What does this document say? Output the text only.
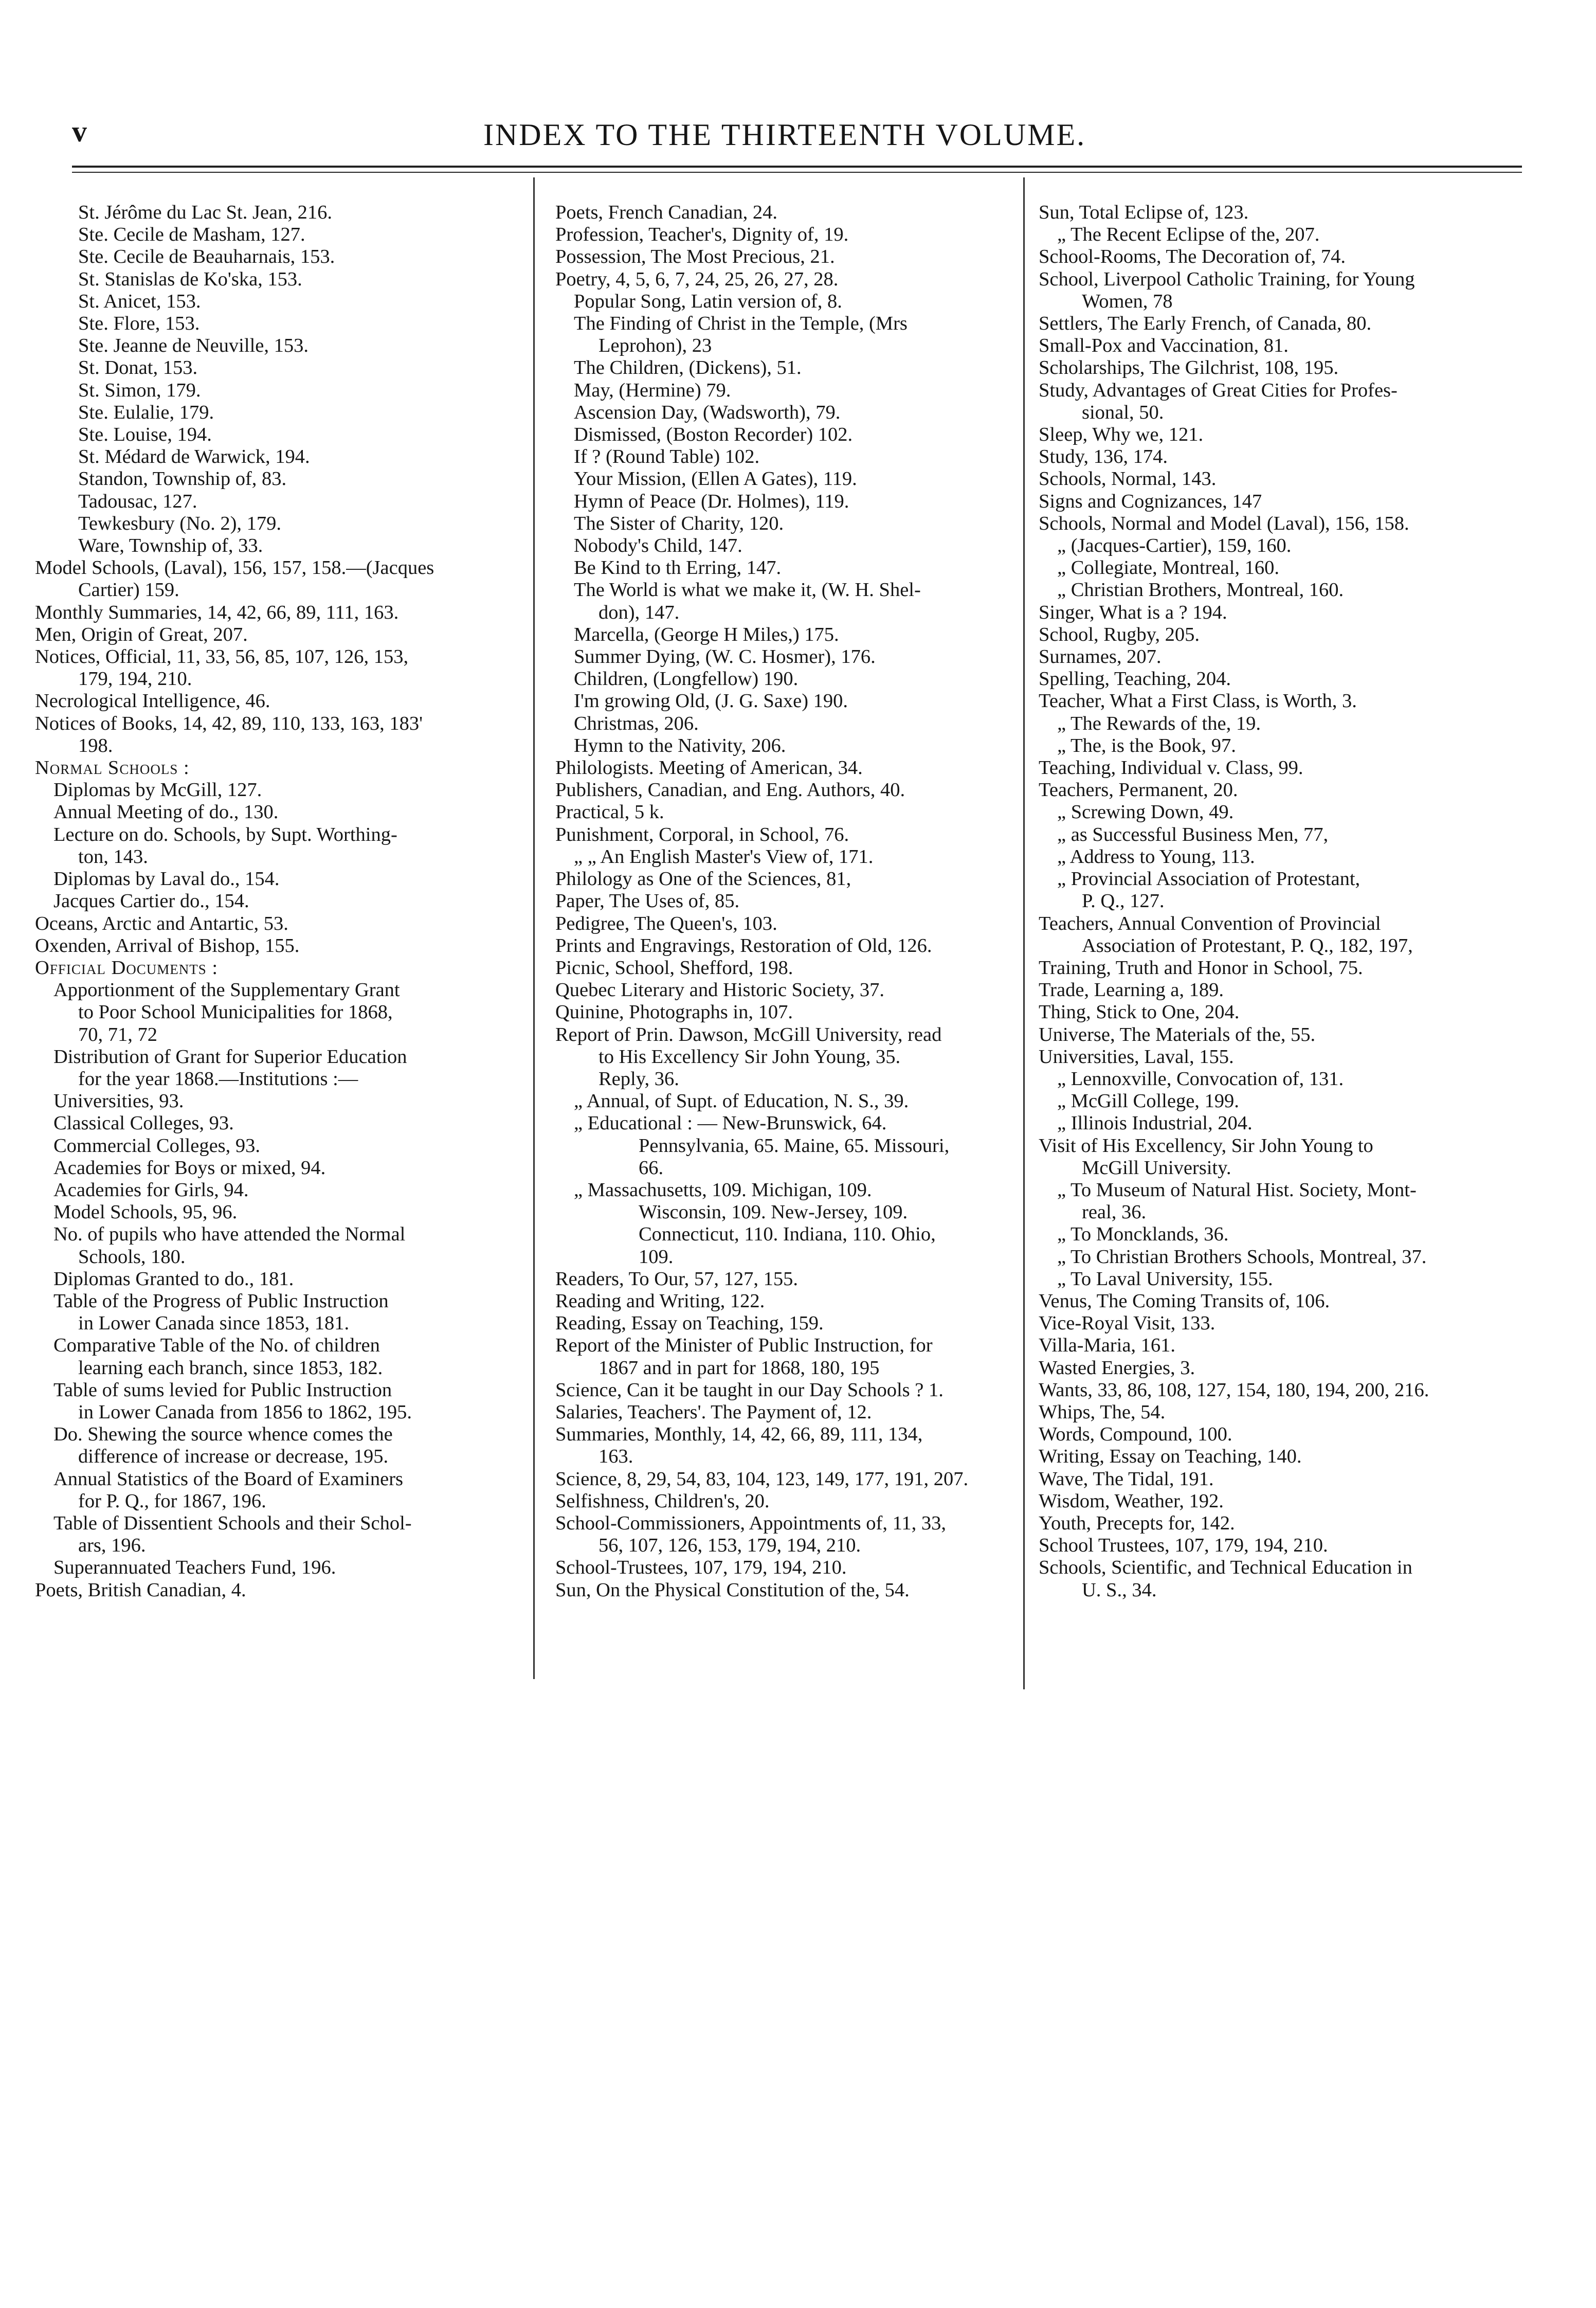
v	INDEX TO THE THIRTEENTH VOLUME.
St. Jérôme du Lac St. Jean, 216.
Ste. Cecile de Masham, 127.
Ste. Cecile de Beauharnais, 153.
St. Stanislas de Ko'ska, 153.
St. Anicet, 153.
Ste. Flore, 153.
Ste. Jeanne de Neuville, 153.
St. Donat, 153.
St. Simon, 179.
Ste. Eulalie, 179.
Ste. Louise, 194.
St. Médard de Warwick, 194.
Standon, Township of, 83.
Tadousac, 127.
Tewkesbury (No. 2), 179.
Ware, Township of, 33.
Model Schools, (Laval), 156, 157, 158.—(Jacques
Cartier) 159.
Monthly Summaries, 14, 42, 66, 89, 111, 163.
Men, Origin of Great, 207.
Notices, Official, 11, 33, 56, 85, 107, 126, 153,
179, 194, 210.
Necrological Intelligence, 46.
Notices of Books, 14, 42, 89, 110, 133, 163, 183'
198.
Normal Schools :
Diplomas by McGill, 127.
Annual Meeting of do., 130.
Lecture on do. Schools, by Supt. Worthing-
ton, 143.
Diplomas by Laval do., 154.
Jacques Cartier do., 154.
Oceans, Arctic and Antartic, 53.
Oxenden, Arrival of Bishop, 155.
Official Documents :
Apportionment of the Supplementary Grant
to Poor School Municipalities for 1868,
70, 71, 72
Distribution of Grant for Superior Education
for the year 1868.—Institutions :—
Universities, 93.
Classical Colleges, 93.
Commercial Colleges, 93.
Academies for Boys or mixed, 94.
Academies for Girls, 94.
Model Schools, 95, 96.
No. of pupils who have attended the Normal
Schools, 180.
Diplomas Granted to do., 181.
Table of the Progress of Public Instruction
in Lower Canada since 1853, 181.
Comparative Table of the No. of children
learning each branch, since 1853, 182.
Table of sums levied for Public Instruction
in Lower Canada from 1856 to 1862, 195.
Do. Shewing the source whence comes the
difference of increase or decrease, 195.
Annual Statistics of the Board of Examiners
for P. Q., for 1867, 196.
Table of Dissentient Schools and their Schol-
ars, 196.
Superannuated Teachers Fund, 196.
Poets, British Canadian, 4.
Poets, French Canadian, 24.
Profession, Teacher's, Dignity of, 19.
Possession, The Most Precious, 21.
Poetry, 4, 5, 6, 7, 24, 25, 26, 27, 28.
Popular Song, Latin version of, 8.
The Finding of Christ in the Temple, (Mrs
Leprohon), 23
The Children, (Dickens), 51.
May, (Hermine) 79.
Ascension Day, (Wadsworth), 79.
Dismissed, (Boston Recorder) 102.
If ? (Round Table) 102.
Your Mission, (Ellen A Gates), 119.
Hymn of Peace (Dr. Holmes), 119.
The Sister of Charity, 120.
Nobody's Child, 147.
Be Kind to th Erring, 147.
The World is what we make it, (W. H. Shel-
don), 147.
Marcella, (George H Miles,) 175.
Summer Dying, (W. C. Hosmer), 176.
Children, (Longfellow) 190.
I'm growing Old, (J. G. Saxe) 190.
Christmas, 206.
Hymn to the Nativity, 206.
Philologists. Meeting of American, 34.
Publishers, Canadian, and Eng. Authors, 40.
Practical, 5 k.
Punishment, Corporal, in School, 76.
„ „ An English Master's View of, 171.
Philology as One of the Sciences, 81,
Paper, The Uses of, 85.
Pedigree, The Queen's, 103.
Prints and Engravings, Restoration of Old, 126.
Picnic, School, Shefford, 198.
Quebec Literary and Historic Society, 37.
Quinine, Photographs in, 107.
Report of Prin. Dawson, McGill University, read
to His Excellency Sir John Young, 35.
Reply, 36.
„ Annual, of Supt. of Education, N. S., 39.
„ Educational : — New-Brunswick, 64.
Pennsylvania, 65. Maine, 65. Missouri,
66.
„ Massachusetts, 109. Michigan, 109.
Wisconsin, 109. New-Jersey, 109.
Connecticut, 110. Indiana, 110. Ohio,
109.
Readers, To Our, 57, 127, 155.
Reading and Writing, 122.
Reading, Essay on Teaching, 159.
Report of the Minister of Public Instruction, for
1867 and in part for 1868, 180, 195
Science, Can it be taught in our Day Schools ? 1.
Salaries, Teachers'. The Payment of, 12.
Summaries, Monthly, 14, 42, 66, 89, 111, 134,
163.
Science, 8, 29, 54, 83, 104, 123, 149, 177, 191, 207.
Selfishness, Children's, 20.
School-Commissioners, Appointments of, 11, 33,
56, 107, 126, 153, 179, 194, 210.
School-Trustees, 107, 179, 194, 210.
Sun, On the Physical Constitution of the, 54.
Sun, Total Eclipse of, 123.
„ The Recent Eclipse of the, 207.
School-Rooms, The Decoration of, 74.
School, Liverpool Catholic Training, for Young
Women, 78
Settlers, The Early French, of Canada, 80.
Small-Pox and Vaccination, 81.
Scholarships, The Gilchrist, 108, 195.
Study, Advantages of Great Cities for Profes-
sional, 50.
Sleep, Why we, 121.
Study, 136, 174.
Schools, Normal, 143.
Signs and Cognizances, 147
Schools, Normal and Model (Laval), 156, 158.
„ (Jacques-Cartier), 159, 160.
„ Collegiate, Montreal, 160.
„ Christian Brothers, Montreal, 160.
Singer, What is a ? 194.
School, Rugby, 205.
Surnames, 207.
Spelling, Teaching, 204.
Teacher, What a First Class, is Worth, 3.
„ The Rewards of the, 19.
„ The, is the Book, 97.
Teaching, Individual v. Class, 99.
Teachers, Permanent, 20.
„ Screwing Down, 49.
„ as Successful Business Men, 77,
„ Address to Young, 113.
„ Provincial Association of Protestant,
P. Q., 127.
Teachers, Annual Convention of Provincial
Association of Protestant, P. Q., 182, 197,
Training, Truth and Honor in School, 75.
Trade, Learning a, 189.
Thing, Stick to One, 204.
Universe, The Materials of the, 55.
Universities, Laval, 155.
„ Lennoxville, Convocation of, 131.
„ McGill College, 199.
„ Illinois Industrial, 204.
Visit of His Excellency, Sir John Young to
McGill University.
„ To Museum of Natural Hist. Society, Mont-
real, 36.
„ To Moncklands, 36.
„ To Christian Brothers Schools, Montreal, 37.
„ To Laval University, 155.
Venus, The Coming Transits of, 106.
Vice-Royal Visit, 133.
Villa-Maria, 161.
Wasted Energies, 3.
Wants, 33, 86, 108, 127, 154, 180, 194, 200, 216.
Whips, The, 54.
Words, Compound, 100.
Writing, Essay on Teaching, 140.
Wave, The Tidal, 191.
Wisdom, Weather, 192.
Youth, Precepts for, 142.
School Trustees, 107, 179, 194, 210.
Schools, Scientific, and Technical Education in
U. S., 34.
